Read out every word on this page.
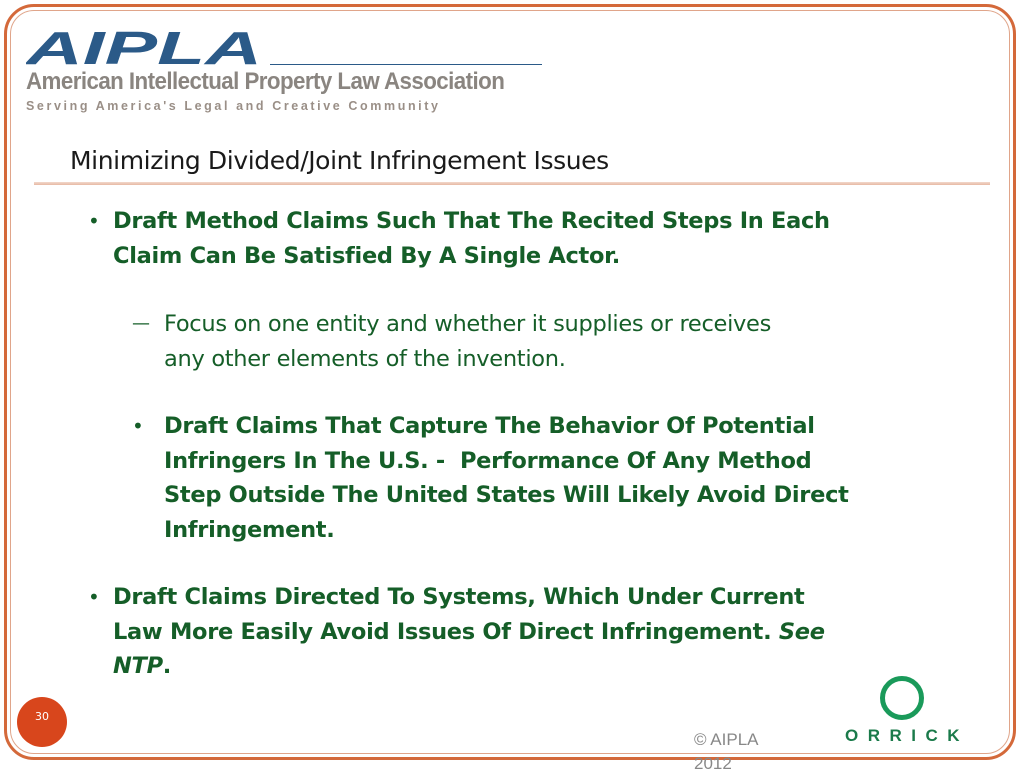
AIPLA
American Intellectual Property Law Association
Serving America's Legal and Creative Community
Minimizing Divided/Joint Infringement Issues
• Draft Method Claims Such That The Recited Steps In Each
Claim Can Be Satisfied By A Single Actor.
— Focus on one entity and whether it supplies or receives
any other elements of the invention.
• Draft Claims That Capture The Behavior Of Potential
Infringers In The U.S. -  Performance Of Any Method
Step Outside The United States Will Likely Avoid Direct
Infringement.
• Draft Claims Directed To Systems, Which Under Current
Law More Easily Avoid Issues Of Direct Infringement. See
NTP.
30
© AIPLA
2012
ORRICK
